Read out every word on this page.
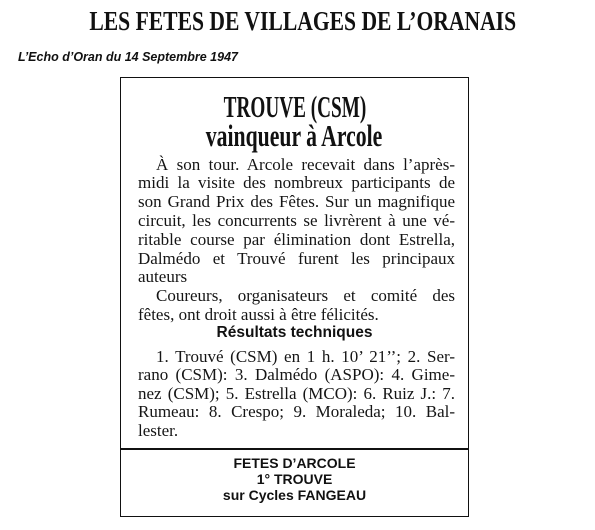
LES FETES DE VILLAGES DE L’ORANAIS
L’Echo d’Oran du 14 Septembre 1947
TROUVE (CSM)
vainqueur à Arcole
À son tour. Arcole recevait dans l’après-
midi la visite des nombreux participants de
son Grand Prix des Fêtes. Sur un magnifique
circuit, les concurrents se livrèrent à une vé-
ritable course par élimination dont Estrella,
Dalmédo et Trouvé furent les principaux
auteurs
Coureurs, organisateurs et comité des
fêtes, ont droit aussi à être félicités.
Résultats techniques
1. Trouvé (CSM) en 1 h. 10’ 21’’; 2. Ser-
rano (CSM): 3. Dalmédo (ASPO): 4. Gime-
nez (CSM); 5. Estrella (MCO): 6. Ruiz J.: 7.
Rumeau: 8. Crespo; 9. Moraleda; 10. Bal-
lester.
FETES D’ARCOLE
1° TROUVE
sur Cycles FANGEAU
